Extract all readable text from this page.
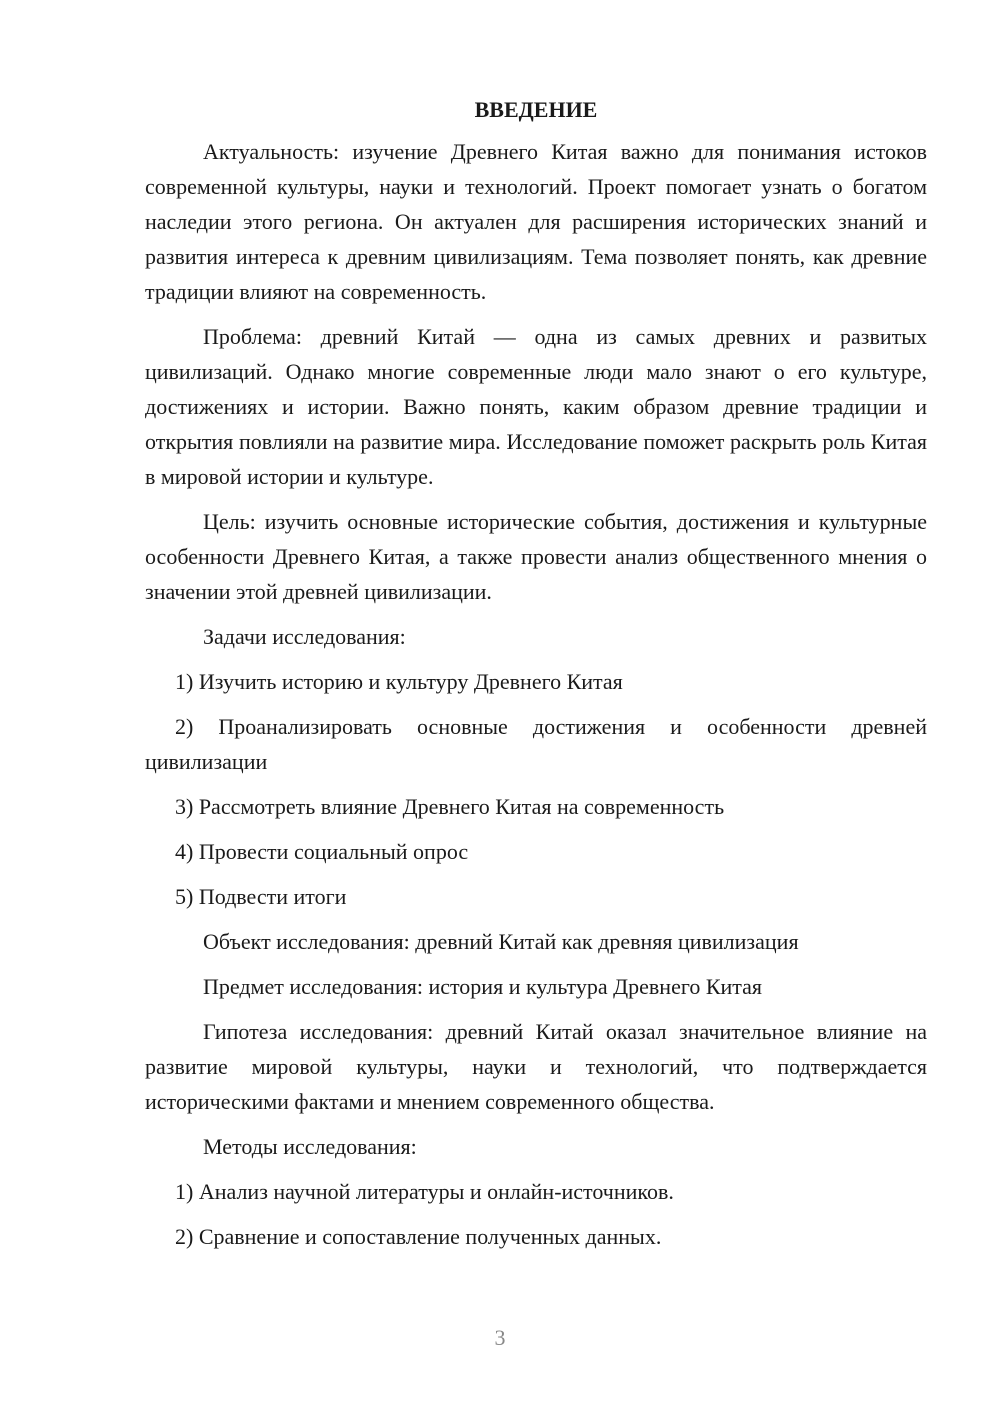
ВВЕДЕНИЕ

Актуальность: изучение Древнего Китая важно для понимания истоков современной культуры, науки и технологий. Проект помогает узнать о богатом наследии этого региона. Он актуален для расширения исторических знаний и развития интереса к древним цивилизациям. Тема позволяет понять, как древние традиции влияют на современность.

Проблема: древний Китай — одна из самых древних и развитых цивилизаций. Однако многие современные люди мало знают о его культуре, достижениях и истории. Важно понять, каким образом древние традиции и открытия повлияли на развитие мира. Исследование поможет раскрыть роль Китая в мировой истории и культуре.

Цель: изучить основные исторические события, достижения и культурные особенности Древнего Китая, а также провести анализ общественного мнения о значении этой древней цивилизации.

Задачи исследования:

1) Изучить историю и культуру Древнего Китая

2) Проанализировать основные достижения и особенности древней цивилизации

3) Рассмотреть влияние Древнего Китая на современность

4) Провести социальный опрос

5) Подвести итоги

Объект исследования: древний Китай как древняя цивилизация

Предмет исследования: история и культура Древнего Китая

Гипотеза исследования: древний Китай оказал значительное влияние на развитие мировой культуры, науки и технологий, что подтверждается историческими фактами и мнением современного общества.

Методы исследования:

1) Анализ научной литературы и онлайн-источников.

2) Сравнение и сопоставление полученных данных.

3
